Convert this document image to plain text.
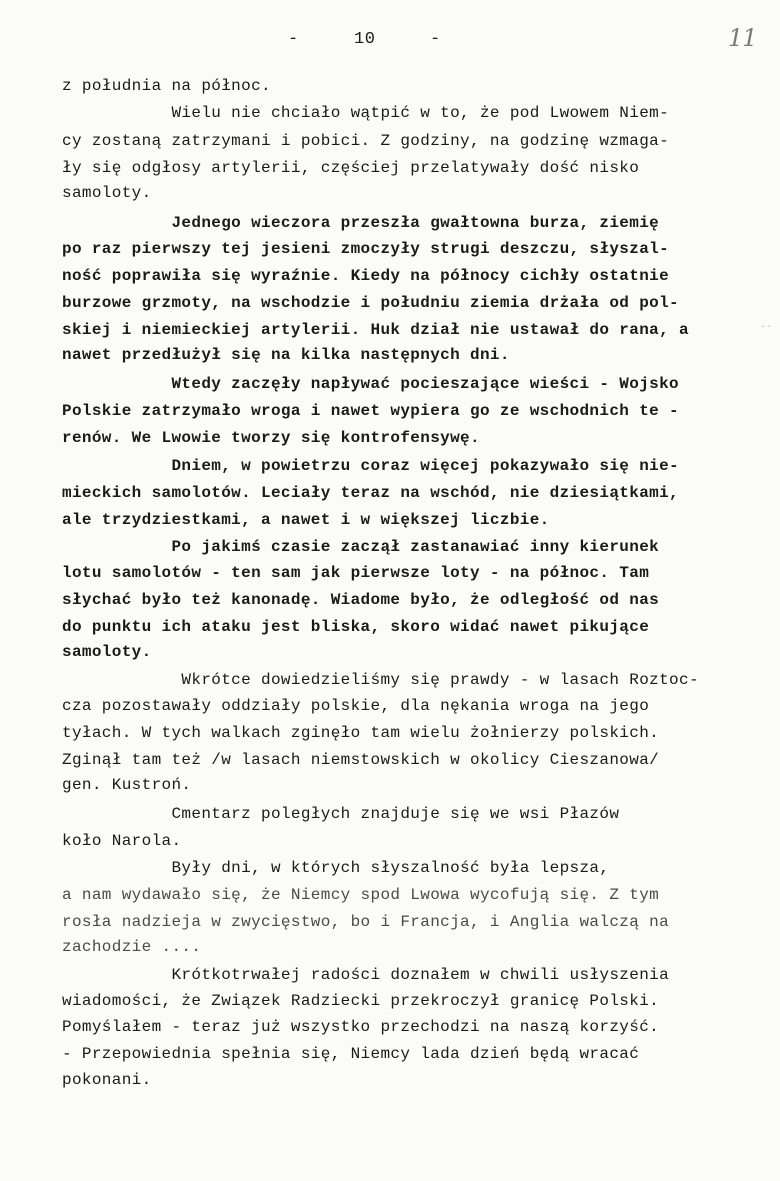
-	10	-	11
··
z południa na północ.
Wielu nie chciało wątpić w to, że pod Lwowem Niem-
cy zostaną zatrzymani i pobici. Z godziny, na godzinę wzmaga-
ły się odgłosy artylerii, częściej przelatywały dość nisko
samoloty.
Jednego wieczora przeszła gwałtowna burza, ziemię
po raz pierwszy tej jesieni zmoczyły strugi deszczu, słyszal-
ność poprawiła się wyraźnie. Kiedy na północy cichły ostatnie
burzowe grzmoty, na wschodzie i południu ziemia drżała od pol-
skiej i niemieckiej artylerii. Huk dział nie ustawał do rana, a
nawet przedłużył się na kilka następnych dni.
Wtedy zaczęły napływać pocieszające wieści - Wojsko
Polskie zatrzymało wroga i nawet wypiera go ze wschodnich te -
renów. We Lwowie tworzy się kontrofensywę.
Dniem, w powietrzu coraz więcej pokazywało się nie-
mieckich samolotów. Leciały teraz na wschód, nie dziesiątkami,
ale trzydziestkami, a nawet i w większej liczbie.
Po jakimś czasie zaczął zastanawiać inny kierunek
lotu samolotów - ten sam jak pierwsze loty - na północ. Tam
słychać było też kanonadę. Wiadome było, że odległość od nas
do punktu ich ataku jest bliska, skoro widać nawet pikujące
samoloty.
Wkrótce dowiedzieliśmy się prawdy - w lasach Roztoc-
cza pozostawały oddziały polskie, dla nękania wroga na jego
tyłach. W tych walkach zginęło tam wielu żołnierzy polskich.
Zginął tam też /w lasach niemstowskich w okolicy Cieszanowa/
gen. Kustroń.
Cmentarz poległych znajduje się we wsi Płazów
koło Narola.
Były dni, w których słyszalność była lepsza,
a nam wydawało się, że Niemcy spod Lwowa wycofują się. Z tym
rosła nadzieja w zwycięstwo, bo i Francja, i Anglia walczą na
zachodzie ....
Krótkotrwałej radości doznałem w chwili usłyszenia
wiadomości, że Związek Radziecki przekroczył granicę Polski.
Pomyślałem - teraz już wszystko przechodzi na naszą korzyść.
- Przepowiednia spełnia się, Niemcy lada dzień będą wracać
pokonani.
